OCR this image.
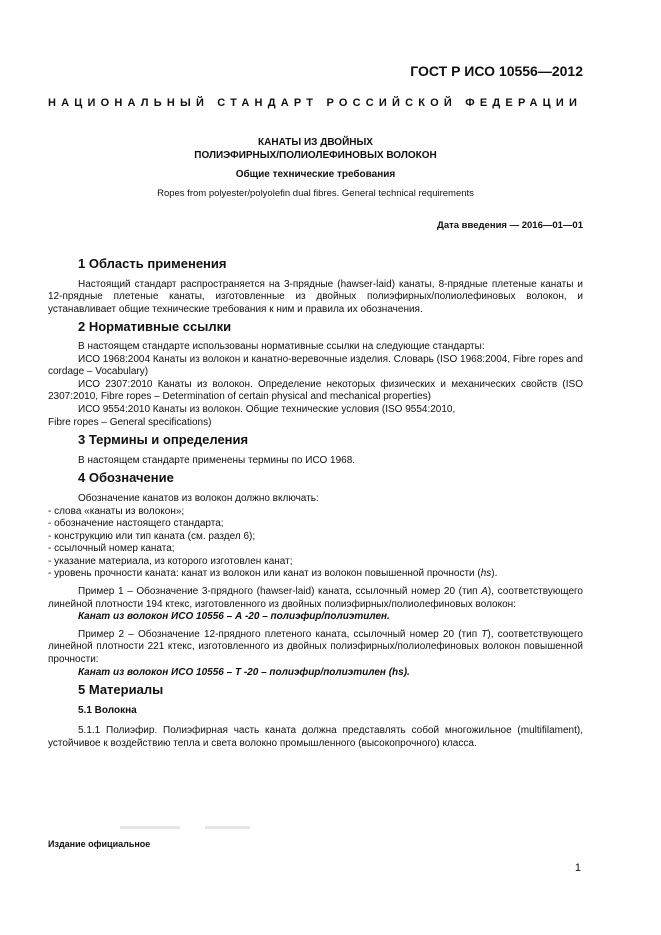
ГОСТ Р ИСО 10556—2012
НАЦИОНАЛЬНЫЙ СТАНДАРТ РОССИЙСКОЙ ФЕДЕРАЦИИ
КАНАТЫ ИЗ ДВОЙНЫХ
ПОЛИЭФИРНЫХ/ПОЛИОЛЕФИНОВЫХ ВОЛОКОН
Общие технические требования
Ropes from polyester/polyolefin dual fibres. General technical requirements
Дата введения — 2016—01—01
1 Область применения

Настоящий стандарт распространяется на 3-прядные (hawser-laid) канаты, 8-прядные плетеные канаты и 12-прядные плетеные канаты, изготовленные из двойных полиэфирных/полиолефиновых волокон, и устанавливает общие технические требования к ним и правила их обозначения.

2 Нормативные ссылки

В настоящем стандарте использованы нормативные ссылки на следующие стандарты:

ИСО 1968:2004 Канаты из волокон и канатно-веревочные изделия. Словарь (ISO 1968:2004, Fibre ropes and cordage – Vocabulary)

ИСО 2307:2010 Канаты из волокон. Определение некоторых физических и механических свойств (ISO 2307:2010, Fibre ropes – Determination of certain physical and mechanical properties)

ИСО 9554:2010 Канаты из волокон. Общие технические условия (ISO 9554:2010,

Fibre ropes – General specifications)

3 Термины и определения

В настоящем стандарте применены термины по ИСО 1968.

4 Обозначение

Обозначение канатов из волокон должно включать:

- слова «канаты из волокон»;

- обозначение настоящего стандарта;

- конструкцию или тип каната (см. раздел 6);

- ссылочный номер каната;

- указание материала, из которого изготовлен канат;

- уровень прочности каната: канат из волокон или канат из волокон повышенной прочности (hs).

Пример 1 – Обозначение 3-прядного (hawser-laid) каната, ссылочный номер 20 (тип A), соответствующего линейной плотности 194 ктекс, изготовленного из двойных полиэфирных/полиолефиновых волокон:

Канат из волокон ИСО 10556 – А -20 – полиэфир/полиэтилен.

Пример 2 – Обозначение 12-прядного плетеного каната, ссылочный номер 20 (тип T), соответствующего линейной плотности 221 ктекс, изготовленного из двойных полиэфирных/полиолефиновых волокон повышенной прочности:

Канат из волокон ИСО 10556 – Т -20 – полиэфир/полиэтилен (hs).

5 Материалы
5.1 Волокна

5.1.1 Полиэфир. Полиэфирная часть каната должна представлять собой многожильное (multifilament), устойчивое к воздействию тепла и света волокно промышленного (высокопрочного) класса.

Издание официальное
1
